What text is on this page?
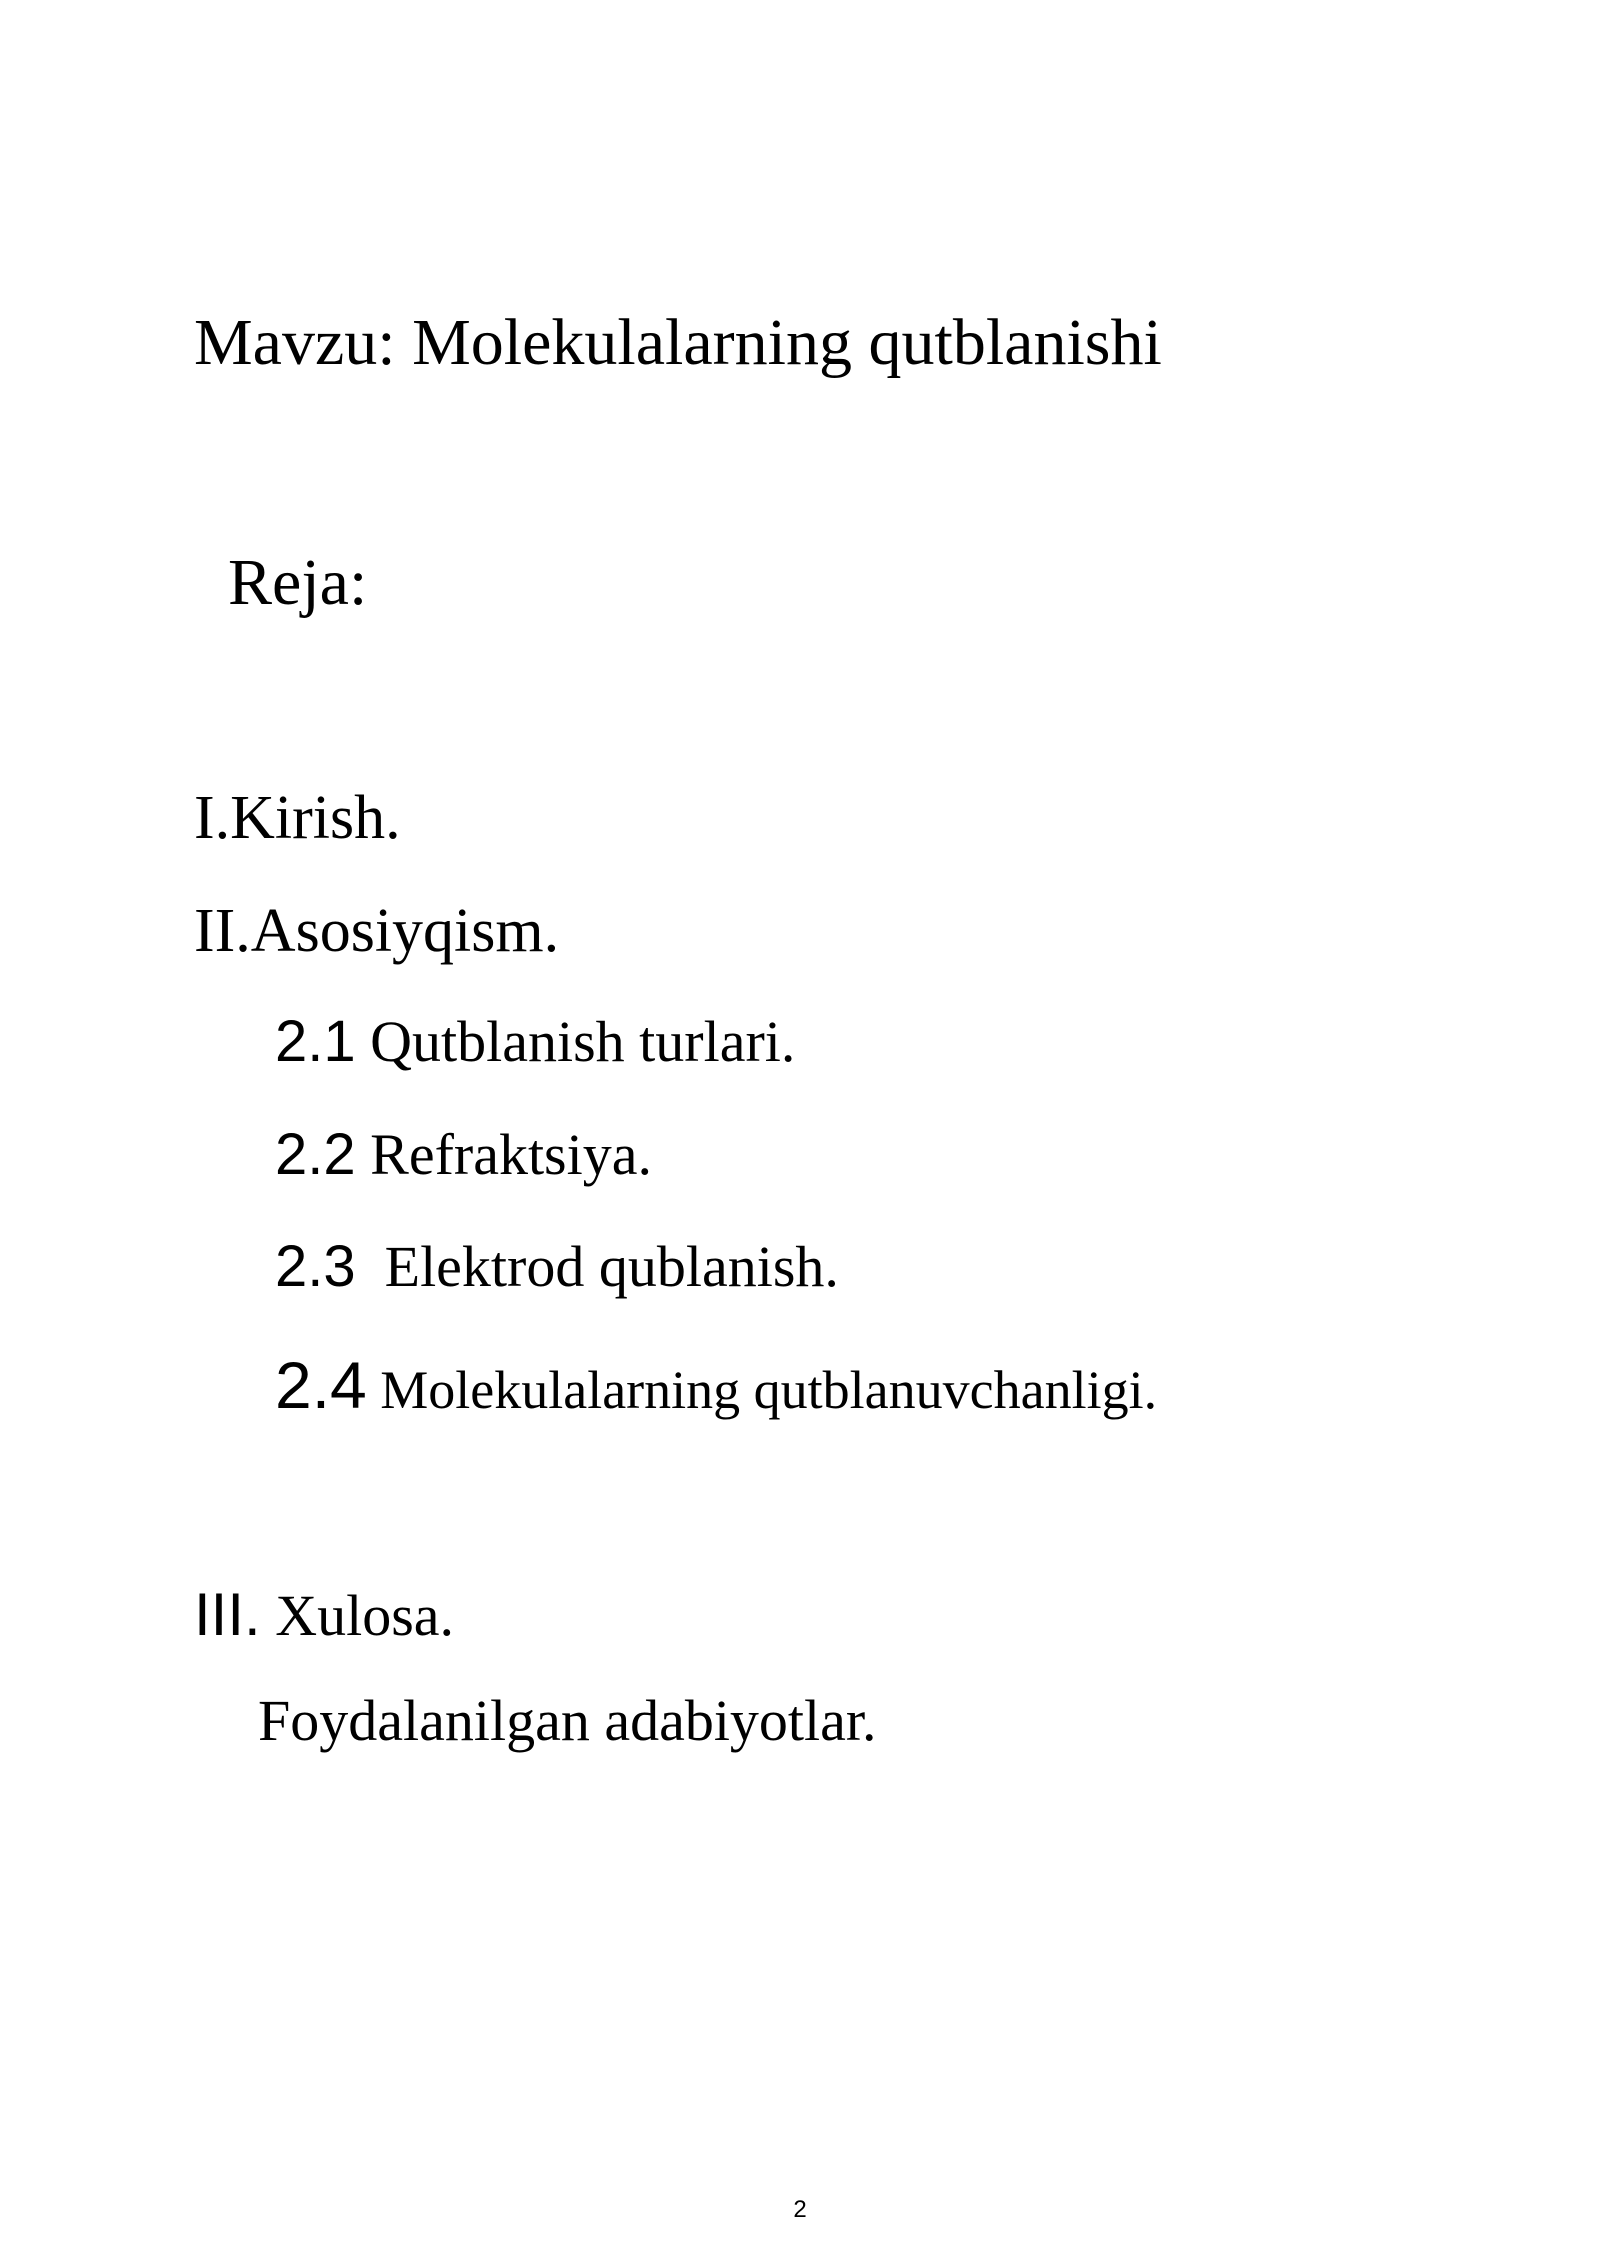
Mavzu: Molekulalarning qutblanishi
Reja:
I.Kirish.
II.Asosiyqism.
2.1 Qutblanish turlari.
2.2 Refraktsiya.
2.3  Elektrod qublanish.
2.4 Molekulalarning qutblanuvchanligi.
III. Xulosa.
Foydalanilgan adabiyotlar.
2
